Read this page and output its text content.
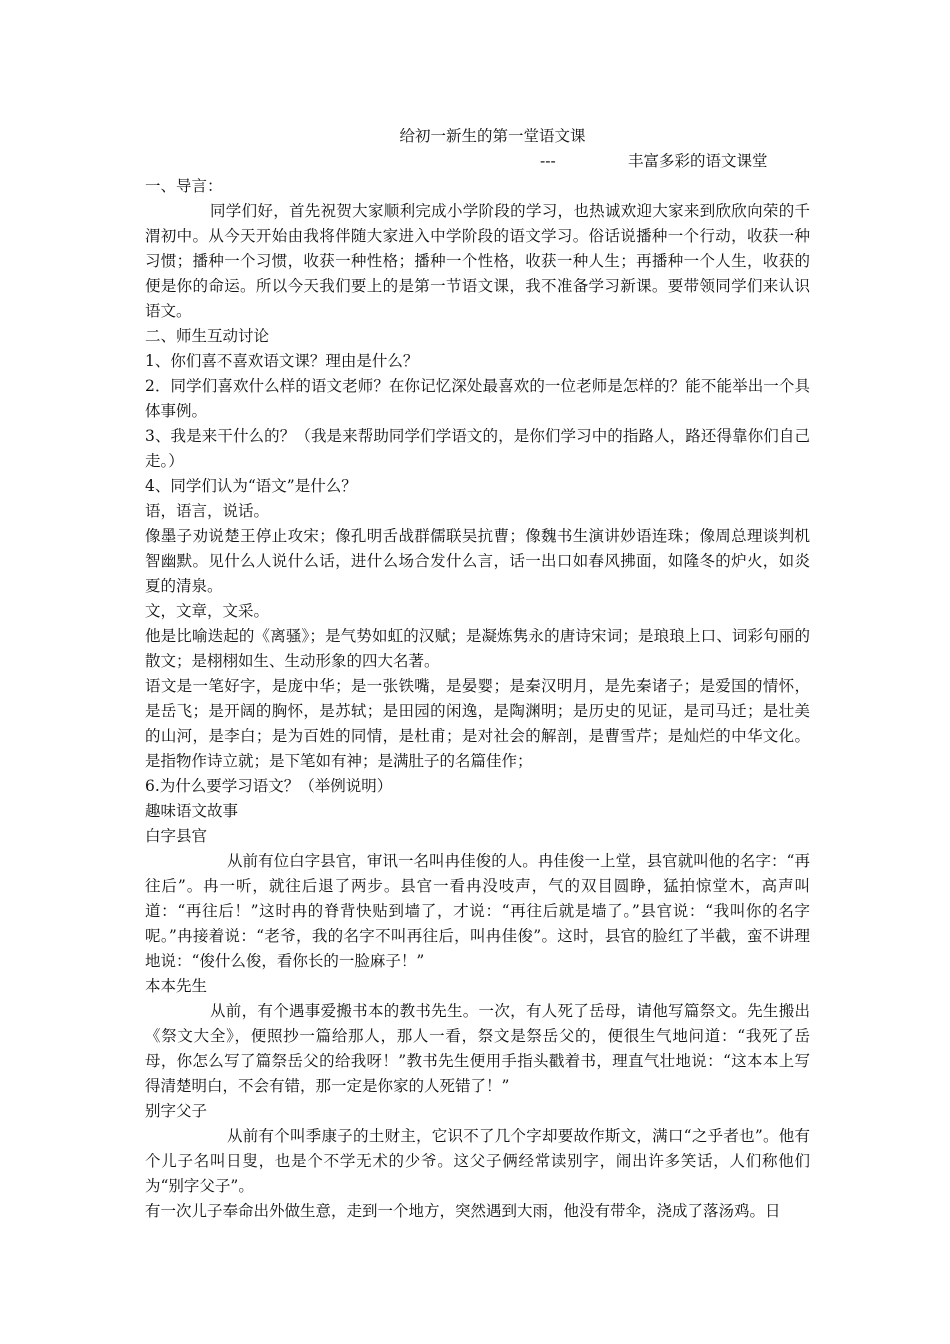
给初一新生的第一堂语文课
---	丰富多彩的语文课堂
一、导言：
同学们好，首先祝贺大家顺利完成小学阶段的学习，也热诚欢迎大家来到欣欣向荣的千渭初中。从今天开始由我将伴随大家进入中学阶段的语文学习。俗话说播种一个行动，收获一种习惯；播种一个习惯，收获一种性格；播种一个性格，收获一种人生；再播种一个人生，收获的便是你的命运。所以今天我们要上的是第一节语文课，我不准备学习新课。要带领同学们来认识语文。
二、师生互动讨论
1、你们喜不喜欢语文课？理由是什么？
2．同学们喜欢什么样的语文老师？在你记忆深处最喜欢的一位老师是怎样的？能不能举出一个具体事例。
3、我是来干什么的？（我是来帮助同学们学语文的，是你们学习中的指路人，路还得靠你们自己走。）
4、同学们认为“语文”是什么？
语，语言，说话。
像墨子劝说楚王停止攻宋；像孔明舌战群儒联吴抗曹；像魏书生演讲妙语连珠；像周总理谈判机智幽默。见什么人说什么话，进什么场合发什么言，话一出口如春风拂面，如隆冬的炉火，如炎夏的清泉。
文，文章，文采。
他是比喻迭起的《离骚》；是气势如虹的汉赋；是凝炼隽永的唐诗宋词；是琅琅上口、词彩句丽的散文；是栩栩如生、生动形象的四大名著。
语文是一笔好字，是庞中华；是一张铁嘴，是晏婴；是秦汉明月，是先秦诸子；是爱国的情怀，是岳飞；是开阔的胸怀，是苏轼；是田园的闲逸，是陶渊明；是历史的见证，是司马迁；是壮美的山河，是李白；是为百姓的同情，是杜甫；是对社会的解剖，是曹雪芹；是灿烂的中华文化。是指物作诗立就；是下笔如有神；是满肚子的名篇佳作；
6.为什么要学习语文？（举例说明）
趣味语文故事
白字县官
从前有位白字县官，审讯一名叫冉佳俊的人。冉佳俊一上堂，县官就叫他的名字：“再往后”。冉一听，就往后退了两步。县官一看冉没吱声，气的双目圆睁，猛拍惊堂木，高声叫道：“再往后！”这时冉的脊背快贴到墙了，才说：“再往后就是墙了。”县官说：“我叫你的名字呢。”冉接着说：“老爷，我的名字不叫再往后，叫冉佳俊”。这时，县官的脸红了半截，蛮不讲理地说：“俊什么俊，看你长的一脸麻子！”
本本先生
从前，有个遇事爱搬书本的教书先生。一次，有人死了岳母，请他写篇祭文。先生搬出《祭文大全》，便照抄一篇给那人，那人一看，祭文是祭岳父的，便很生气地问道：“我死了岳母，你怎么写了篇祭岳父的给我呀！”教书先生便用手指头戳着书，理直气壮地说：“这本本上写得清楚明白，不会有错，那一定是你家的人死错了！”
别字父子
从前有个叫季康子的土财主，它识不了几个字却要故作斯文，满口“之乎者也”。他有个儿子名叫日叟，也是个不学无术的少爷。这父子俩经常读别字，闹出许多笑话，人们称他们为“别字父子”。
有一次儿子奉命出外做生意，走到一个地方，突然遇到大雨，他没有带伞，浇成了落汤鸡。日
